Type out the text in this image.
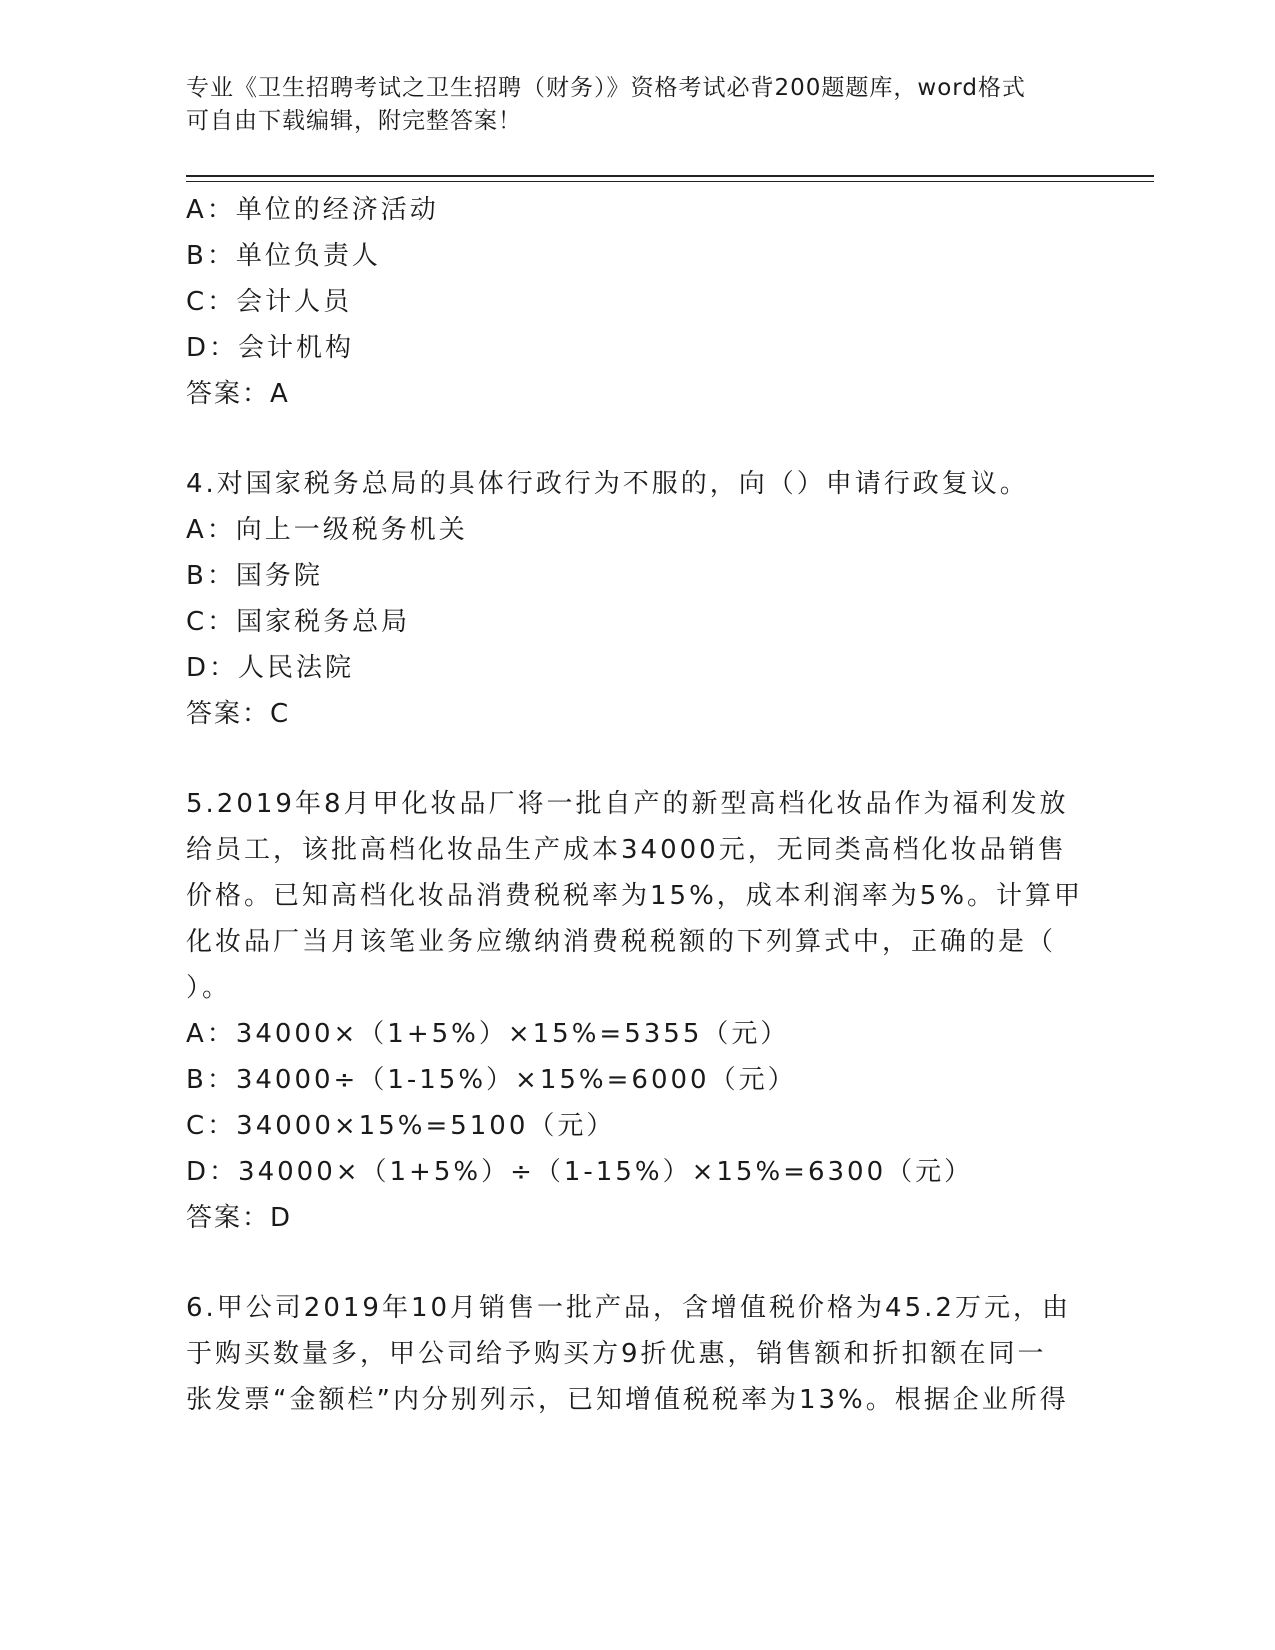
专业《卫生招聘考试之卫生招聘（财务）》资格考试必背200题题库，word格式
可自由下载编辑，附完整答案！
A：单位的经济活动
B：单位负责人
C：会计人员
D：会计机构
答案：A
4.对国家税务总局的具体行政行为不服的，向（）申请行政复议。
A：向上一级税务机关
B：国务院
C：国家税务总局
D：人民法院
答案：C
5.2019年8月甲化妆品厂将一批自产的新型高档化妆品作为福利发放
给员工，该批高档化妆品生产成本34000元，无同类高档化妆品销售
价格。已知高档化妆品消费税税率为15%，成本利润率为5%。计算甲
化妆品厂当月该笔业务应缴纳消费税税额的下列算式中，正确的是（
）。
A：34000×（1+5%）×15%=5355（元）
B：34000÷（1-15%）×15%=6000（元）
C：34000×15%=5100（元）
D：34000×（1+5%）÷（1-15%）×15%=6300（元）
答案：D
6.甲公司2019年10月销售一批产品，含增值税价格为45.2万元，由
于购买数量多，甲公司给予购买方9折优惠，销售额和折扣额在同一
张发票“金额栏”内分别列示，已知增值税税率为13%。根据企业所得
